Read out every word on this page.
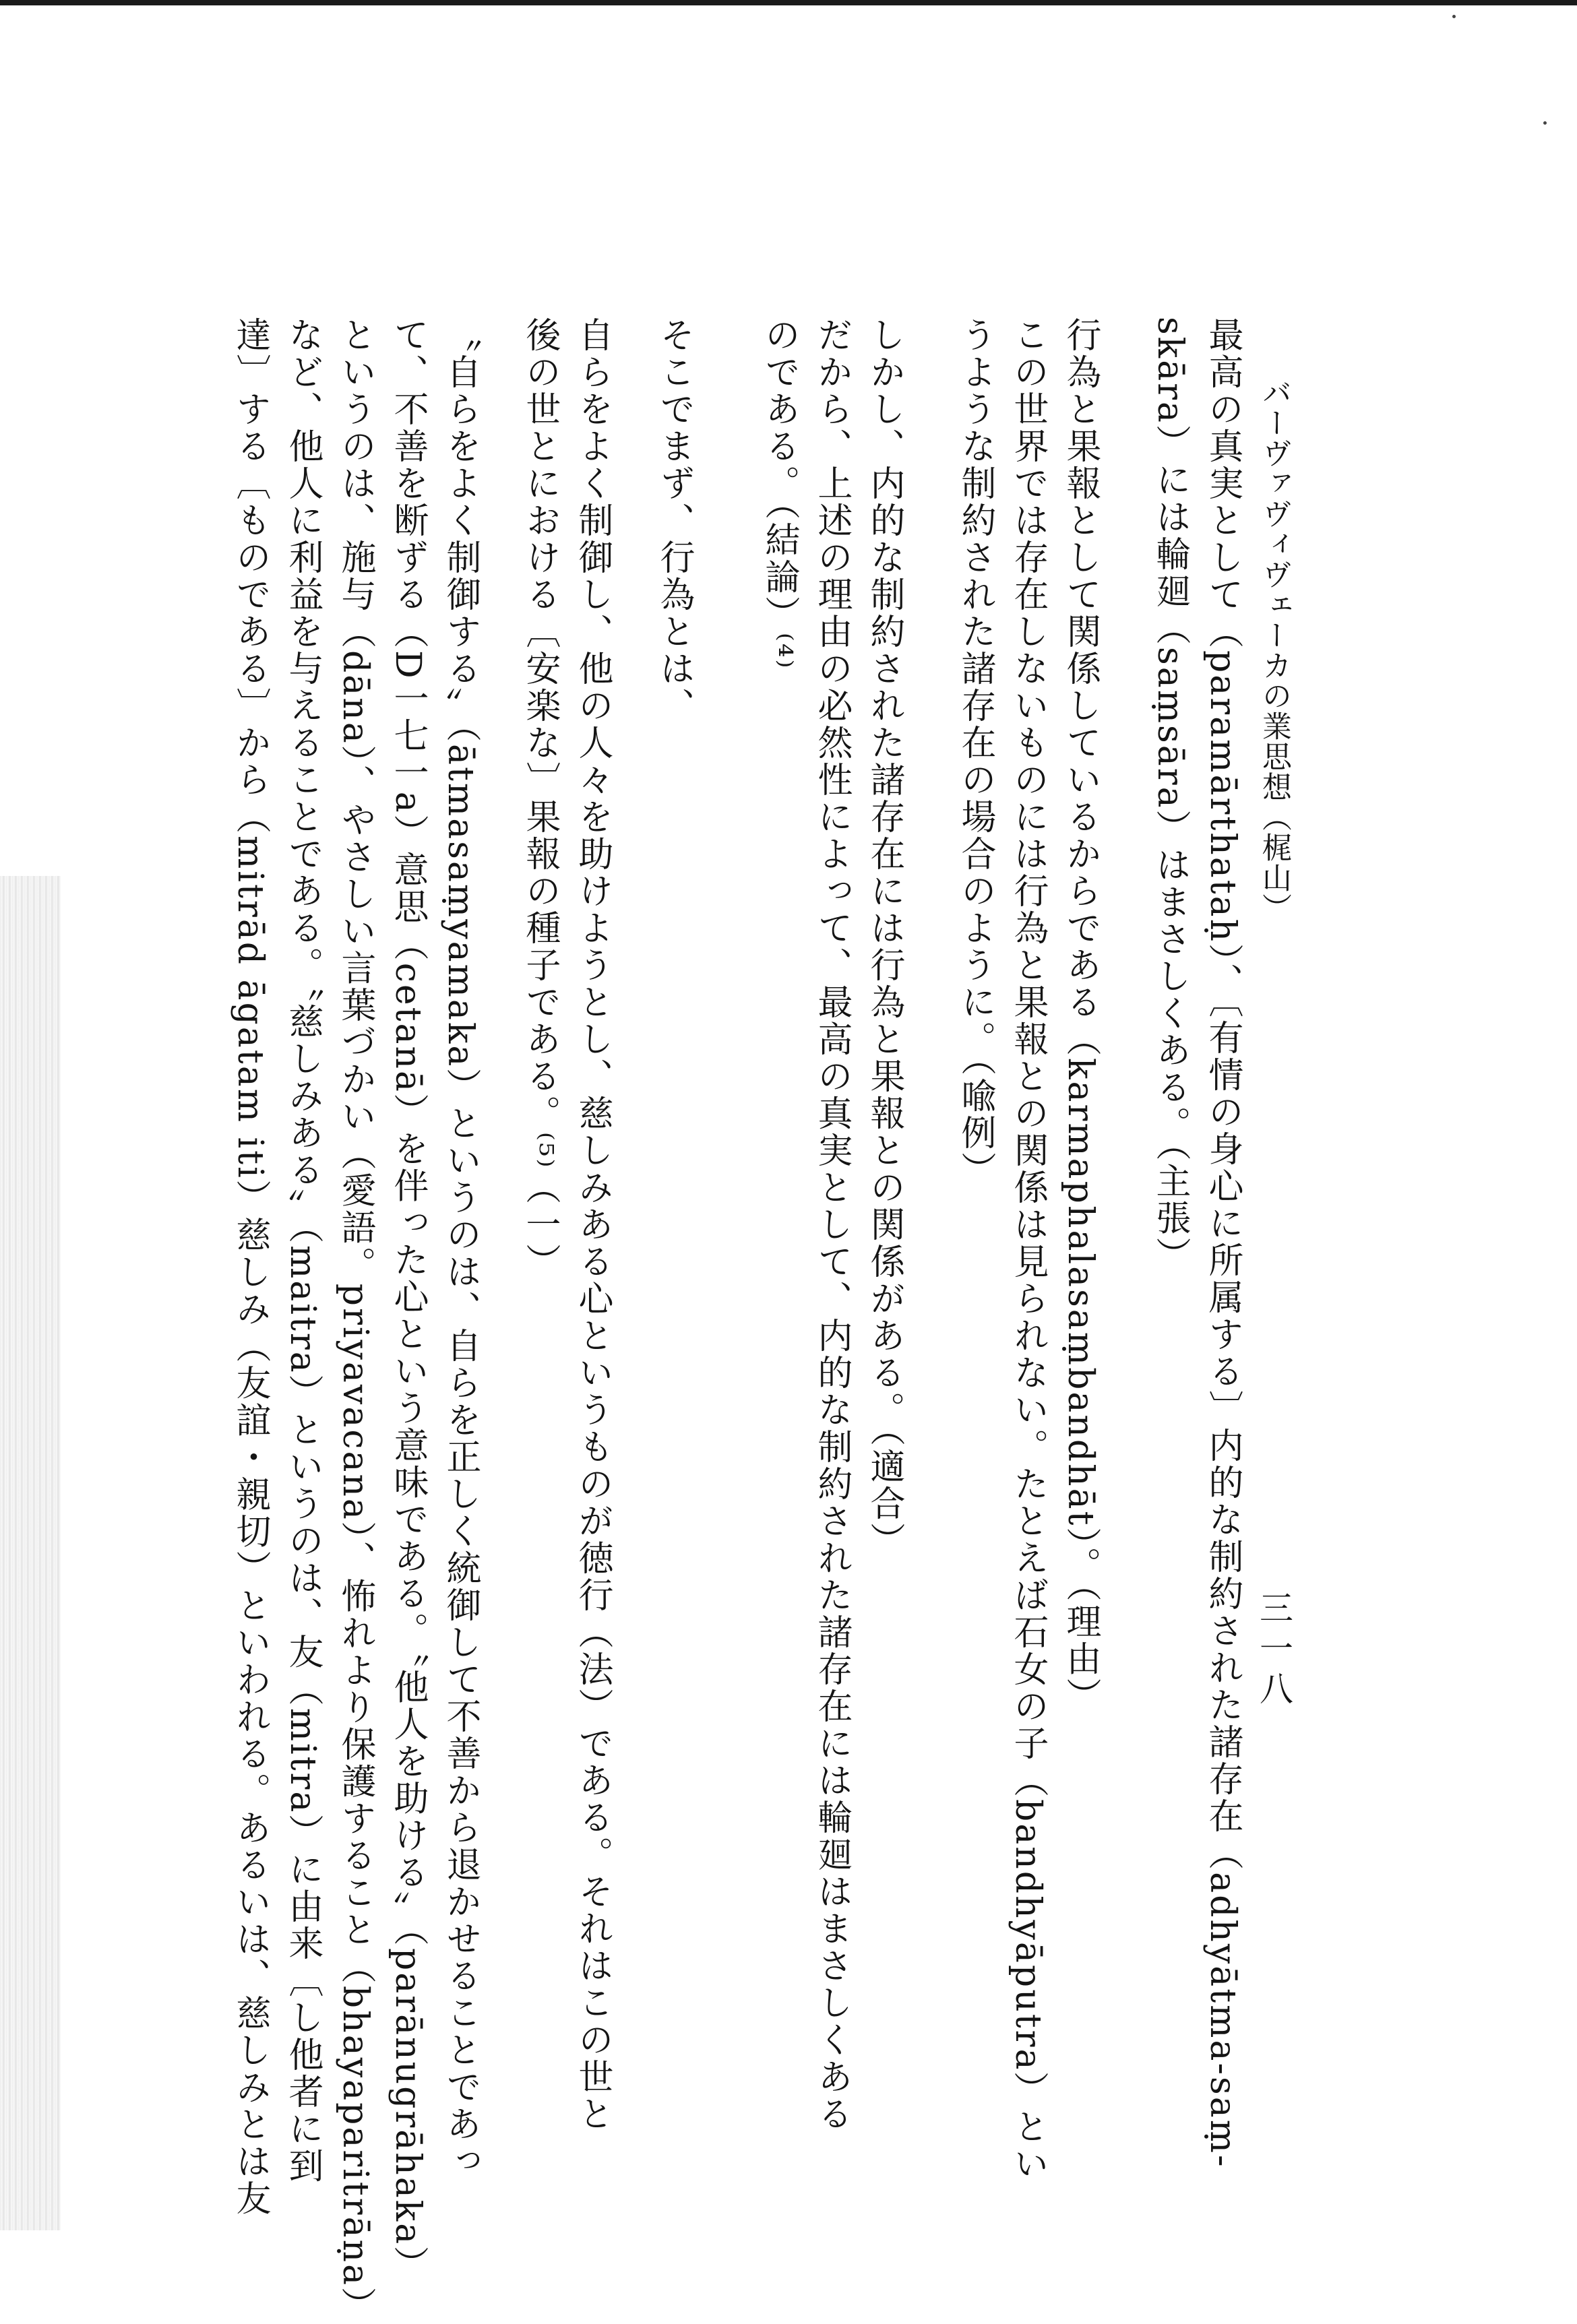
バーヴァヴィヴェーカの業思想（梶山）
三一八
最高の真実として（paramārthataḥ）、〔有情の身心に所属する〕内的な制約された諸存在（adhyātma-saṃ-
skāra）には輪廻（saṃsāra）はまさしくある。（主張）
行為と果報として関係しているからである（karmaphalasaṃbandhāt）。（理由）
この世界では存在しないものには行為と果報との関係は見られない。たとえば石女の子（bandhyāputra）とい
うような制約された諸存在の場合のように。（喩例）
しかし、内的な制約された諸存在には行為と果報との関係がある。（適合）
だから、上述の理由の必然性によって、最高の真実として、内的な制約された諸存在には輪廻はまさしくある
のである。（結論）⁽⁴⁾
そこでまず、行為とは、
自らをよく制御し、他の人々を助けようとし、慈しみある心というものが徳行（法）である。それはこの世と
後の世とにおける〔安楽な〕果報の種子である。⁽⁵⁾（一）
〝自らをよく制御する〟（ātmasaṃyamaka）というのは、自らを正しく統御して不善から退かせることであっ
て、不善を断ずる（D一七一a）意思（cetanā）を伴った心という意味である。〝他人を助ける〟（parānugrāhaka）
というのは、施与（dāna）、やさしい言葉づかい（愛語。priyavacana）、怖れより保護すること（bhayaparitrāṇa）
など、他人に利益を与えることである。〝慈しみある〟（maitra）というのは、友（mitra）に由来〔し他者に到
達〕する〔ものである〕から（mitrād āgatam iti）慈しみ（友誼・親切）といわれる。あるいは、慈しみとは友
